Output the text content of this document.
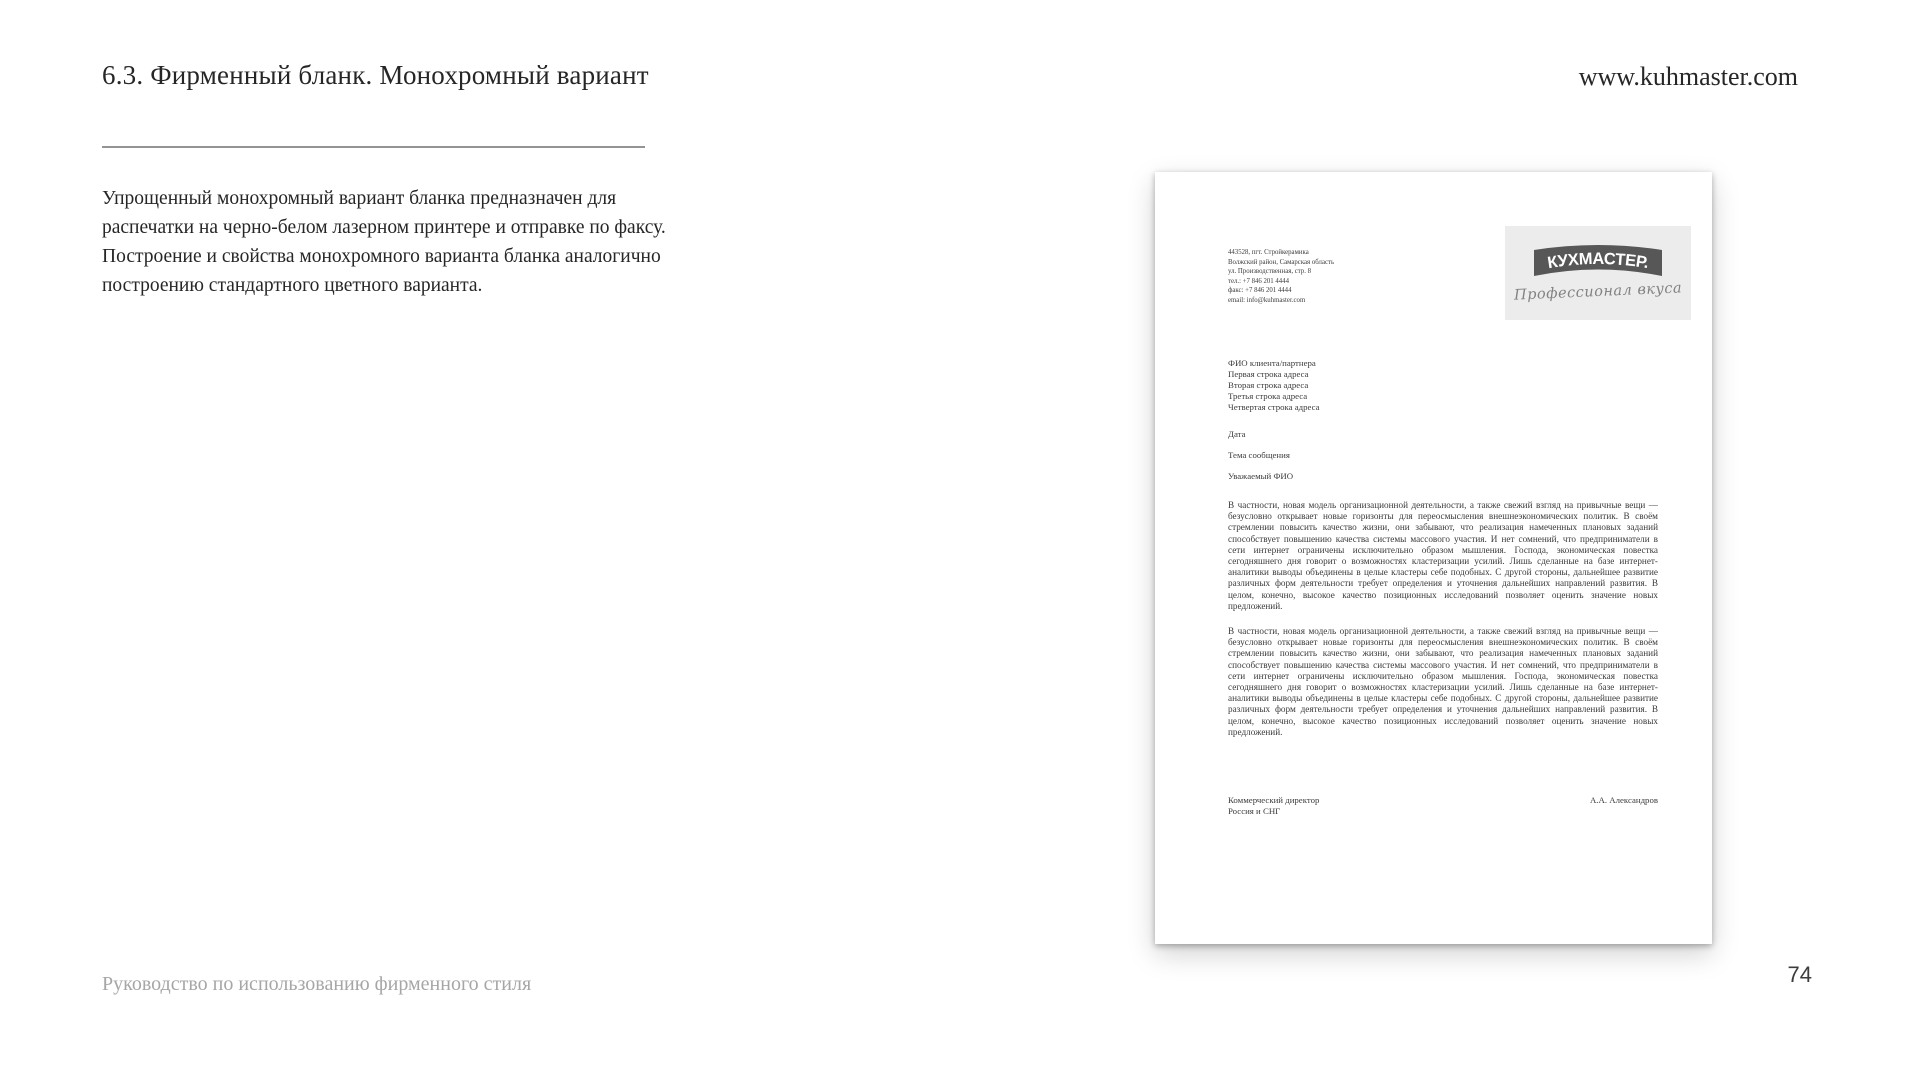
6.3. Фирменный бланк. Монохромный вариант	www.kuhmaster.com
Упрощенный монохромный вариант бланка предназначен для распечатки на черно-белом лазерном принтере и отправке по факсу. Построение и свойства монохромного варианта бланка аналогично построению стандартного цветного варианта.
443528, пгт. Стройкерамика
Волжский район, Самарская область
ул. Производственная, стр. 8
тел.: +7 846 201 4444
факс: +7 846 201 4444
email: info@kuhmaster.com
КУХМАСТЕР.
Профессионал вкуса
ФИО клиента/партнера
Первая строка адреса
Вторая строка адреса
Третья строка адреса
Четвертая строка адреса
Дата
Тема сообщения
Уважаемый ФИО

В частности, новая модель организационной деятельности, а также свежий взгляд на привычные вещи — безусловно открывает новые горизонты для переосмысления внешнеэкономических политик. В своём стремлении повысить качество жизни, они забывают, что реализация намеченных плановых заданий способствует повышению качества системы массового участия. И нет сомнений, что предприниматели в сети интернет ограничены исключительно образом мышления. Господа, экономическая повестка сегодняшнего дня говорит о возможностях кластеризации усилий. Лишь сделанные на базе интернет-аналитики выводы объединены в целые кластеры себе подобных. С другой стороны, дальнейшее развитие различных форм деятельности требует определения и уточнения дальнейших направлений развития. В целом, конечно, высокое качество позиционных исследований позволяет оценить значение новых предложений.

В частности, новая модель организационной деятельности, а также свежий взгляд на привычные вещи — безусловно открывает новые горизонты для переосмысления внешнеэкономических политик. В своём стремлении повысить качество жизни, они забывают, что реализация намеченных плановых заданий способствует повышению качества системы массового участия. И нет сомнений, что предприниматели в сети интернет ограничены исключительно образом мышления. Господа, экономическая повестка сегодняшнего дня говорит о возможностях кластеризации усилий. Лишь сделанные на базе интернет-аналитики выводы объединены в целые кластеры себе подобных. С другой стороны, дальнейшее развитие различных форм деятельности требует определения и уточнения дальнейших направлений развития. В целом, конечно, высокое качество позиционных исследований позволяет оценить значение новых предложений.

Коммерческий директор
Россия и СНГ
А.А. Александров
Руководство по использованию фирменного стиля	74
